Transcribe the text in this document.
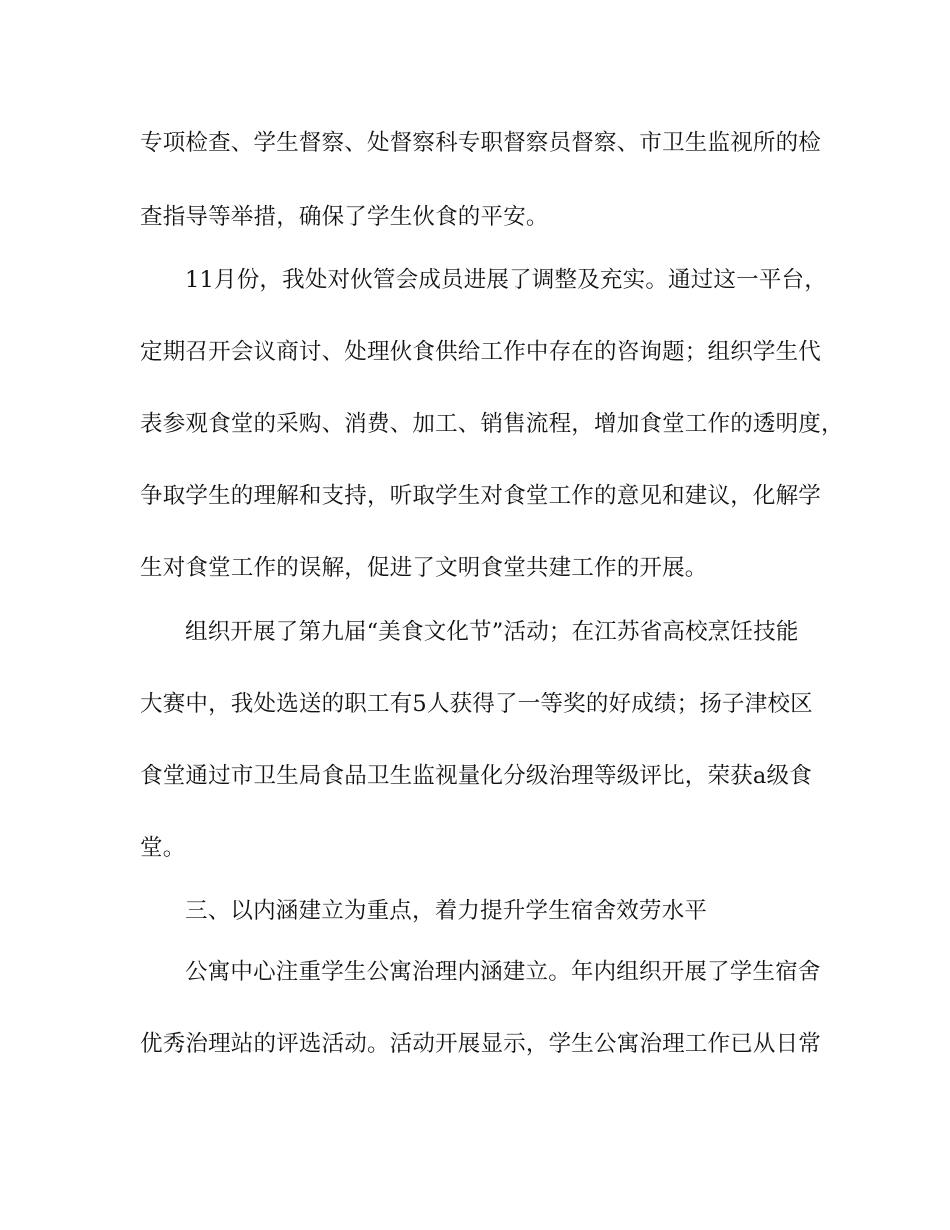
专项检查、学生督察、处督察科专职督察员督察、市卫生监视所的检
查指导等举措，确保了学生伙食的平安。
11月份，我处对伙管会成员进展了调整及充实。通过这一平台，
定期召开会议商讨、处理伙食供给工作中存在的咨询题；组织学生代
表参观食堂的采购、消费、加工、销售流程，增加食堂工作的透明度，
争取学生的理解和支持，听取学生对食堂工作的意见和建议，化解学
生对食堂工作的误解，促进了文明食堂共建工作的开展。
组织开展了第九届“美食文化节”活动；在江苏省高校烹饪技能
大赛中，我处选送的职工有5人获得了一等奖的好成绩；扬子津校区
食堂通过市卫生局食品卫生监视量化分级治理等级评比，荣获a级食
堂。
三、以内涵建立为重点，着力提升学生宿舍效劳水平
公寓中心注重学生公寓治理内涵建立。年内组织开展了学生宿舍
优秀治理站的评选活动。活动开展显示，学生公寓治理工作已从日常
